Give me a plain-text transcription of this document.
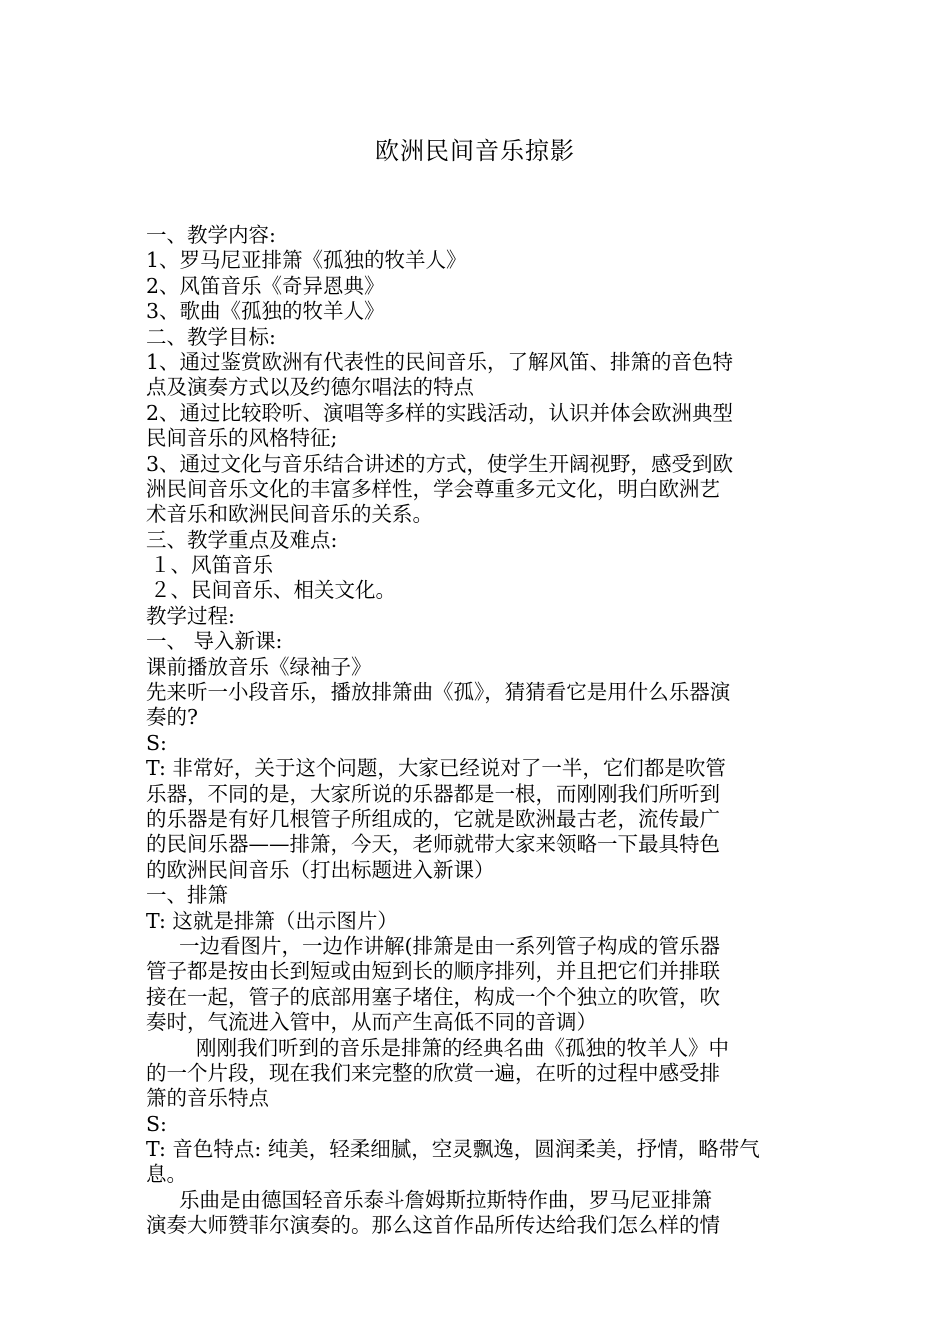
欧洲民间音乐掠影
一、教学内容:
1、罗马尼亚排箫《孤独的牧羊人》
2、风笛音乐《奇异恩典》
3、歌曲《孤独的牧羊人》
二、教学目标:
1、通过鉴赏欧洲有代表性的民间音乐，了解风笛、排箫的音色特
点及演奏方式以及约德尔唱法的特点
2、通过比较聆听、演唱等多样的实践活动，认识并体会欧洲典型
民间音乐的风格特征;
3、通过文化与音乐结合讲述的方式，使学生开阔视野，感受到欧
洲民间音乐文化的丰富多样性，学会尊重多元文化，明白欧洲艺
术音乐和欧洲民间音乐的关系。
三、教学重点及难点:
１、风笛音乐
２、民间音乐、相关文化。
教学过程:
一、 导入新课:
课前播放音乐《绿袖子》
先来听一小段音乐，播放排箫曲《孤》，猜猜看它是用什么乐器演
奏的?
S:
T: 非常好，关于这个问题，大家已经说对了一半，它们都是吹管
乐器，不同的是，大家所说的乐器都是一根，而刚刚我们所听到
的乐器是有好几根管子所组成的，它就是欧洲最古老，流传最广
的民间乐器——排箫，今天，老师就带大家来领略一下最具特色
的欧洲民间音乐（打出标题进入新课）
一、排箫
T: 这就是排箫（出示图片）
一边看图片，一边作讲解(排箫是由一系列管子构成的管乐器
管子都是按由长到短或由短到长的顺序排列，并且把它们并排联
接在一起，管子的底部用塞子堵住，构成一个个独立的吹管，吹
奏时，气流进入管中，从而产生高低不同的音调）
刚刚我们听到的音乐是排箫的经典名曲《孤独的牧羊人》中
的一个片段，现在我们来完整的欣赏一遍，在听的过程中感受排
箫的音乐特点
S:
T: 音色特点: 纯美，轻柔细腻，空灵飘逸，圆润柔美，抒情，略带气
息。
乐曲是由德国轻音乐泰斗詹姆斯拉斯特作曲，罗马尼亚排箫
演奏大师赞菲尔演奏的。那么这首作品所传达给我们怎么样的情
